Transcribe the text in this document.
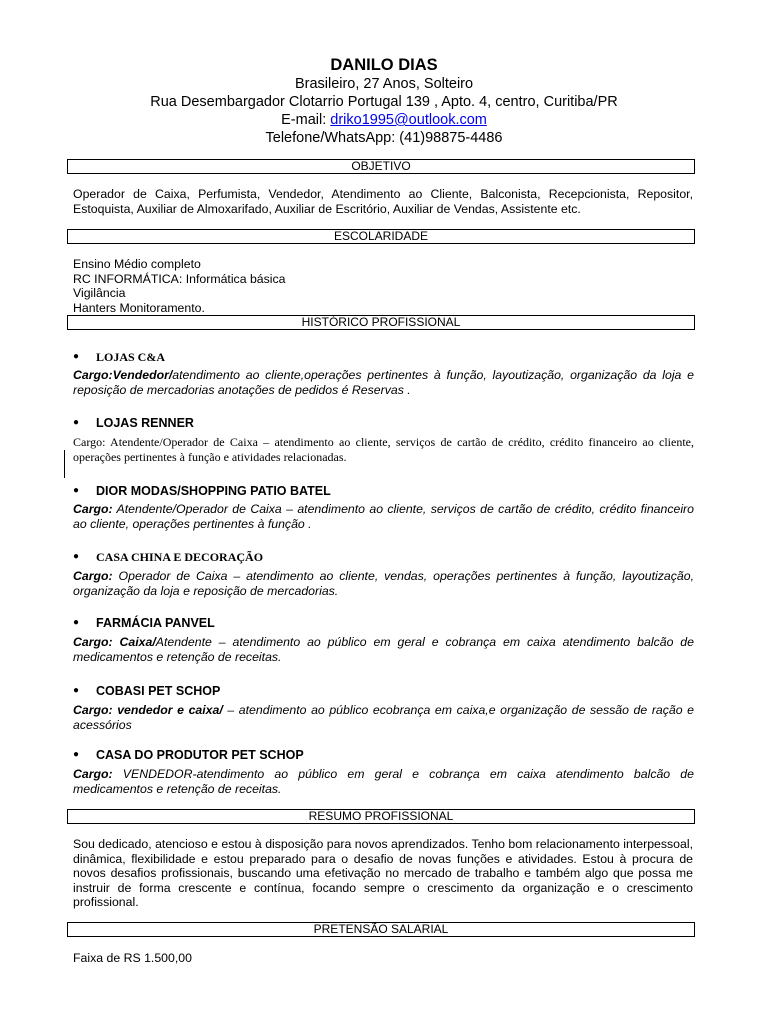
DANILO DIAS
Brasileiro, 27 Anos, Solteiro
Rua Desembargador Clotarrio Portugal 139 , Apto. 4, centro, Curitiba/PR
E-mail: driko1995@outlook.com
Telefone/WhatsApp: (41)98875-4486
OBJETIVO
Operador de Caixa, Perfumista, Vendedor, Atendimento ao Cliente, Balconista, Recepcionista, Repositor, Estoquista, Auxiliar de Almoxarifado, Auxiliar de Escritório, Auxiliar de Vendas, Assistente etc.
ESCOLARIDADE
Ensino Médio completo
RC INFORMÁTICA: Informática básica
Vigilância
Hanters Monitoramento.
HISTÓRICO PROFISSIONAL
● LOJAS C&A
Cargo:Vendedor/atendimento ao cliente,operações pertinentes à função, layoutização, organização da loja e reposição de mercadorias anotações de pedidos é Reservas .
● LOJAS RENNER
Cargo: Atendente/Operador de Caixa – atendimento ao cliente, serviços de cartão de crédito, crédito financeiro ao cliente, operações pertinentes à função e atividades relacionadas.
● DIOR MODAS/SHOPPING PATIO BATEL
Cargo: Atendente/Operador de Caixa – atendimento ao cliente, serviços de cartão de crédito, crédito financeiro ao cliente, operações pertinentes à função .
● CASA CHINA E DECORAÇÃO
Cargo: Operador de Caixa – atendimento ao cliente, vendas, operações pertinentes à função, layoutização, organização da loja e reposição de mercadorias.
● FARMÁCIA PANVEL
Cargo: Caixa/Atendente – atendimento ao público em geral e cobrança em caixa atendimento balcão de medicamentos e retenção de receitas.
● COBASI PET SCHOP
Cargo: vendedor e caixa/ – atendimento ao público ecobrança em caixa,e organização de sessão de ração e acessórios
● CASA DO PRODUTOR PET SCHOP
Cargo: VENDEDOR-atendimento ao público em geral e cobrança em caixa atendimento balcão de medicamentos e retenção de receitas.
RESUMO PROFISSIONAL
Sou dedicado, atencioso e estou à disposição para novos aprendizados. Tenho bom relacionamento interpessoal, dinâmica, flexibilidade e estou preparado para o desafio de novas funções e atividades. Estou à procura de novos desafios profissionais, buscando uma efetivação no mercado de trabalho e também algo que possa me instruir de forma crescente e contínua, focando sempre o crescimento da organização e o crescimento profissional.
PRETENSÃO SALARIAL
Faixa de RS 1.500,00
